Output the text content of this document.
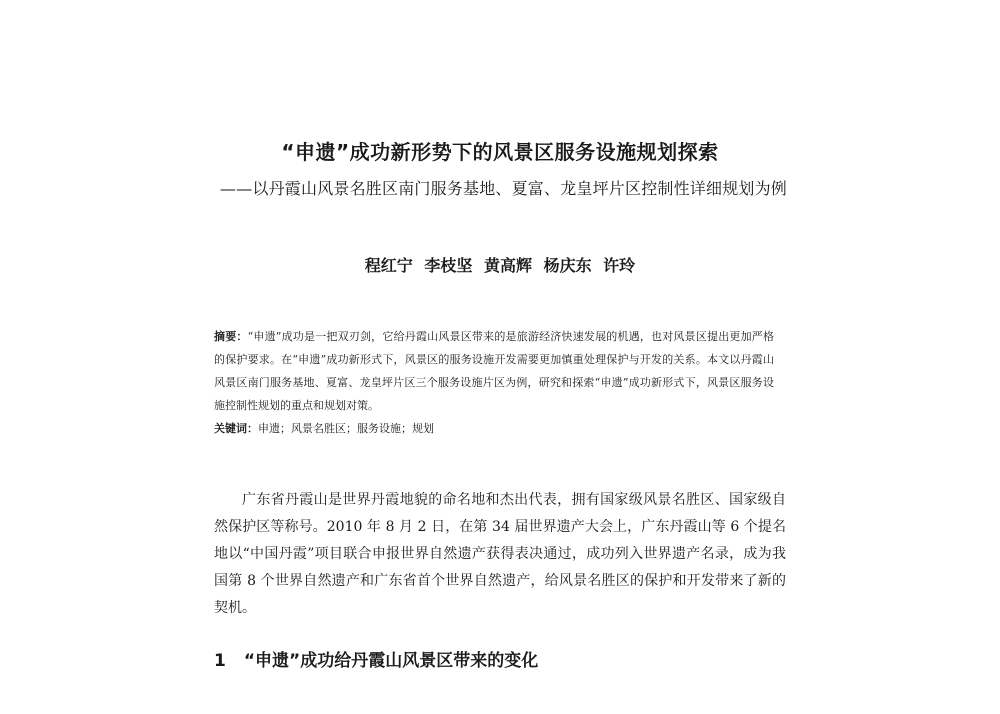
“申遗”成功新形势下的风景区服务设施规划探索
——以丹霞山风景名胜区南门服务基地、夏富、龙皇坪片区控制性详细规划为例
程红宁 李枝坚 黄高辉 杨庆东 许玲
摘要：“申遗”成功是一把双刃剑，它给丹霞山风景区带来的是旅游经济快速发展的机遇，也对风景区提出更加严格的保护要求。在“申遗”成功新形式下，风景区的服务设施开发需要更加慎重处理保护与开发的关系。本文以丹霞山风景区南门服务基地、夏富、龙皇坪片区三个服务设施片区为例，研究和探索“申遗”成功新形式下，风景区服务设施控制性规划的重点和规划对策。
关键词：申遗；风景名胜区；服务设施；规划
广东省丹霞山是世界丹霞地貌的命名地和杰出代表，拥有国家级风景名胜区、国家级自然保护区等称号。2010 年 8 月 2 日，在第 34 届世界遗产大会上，广东丹霞山等 6 个提名地以“中国丹霞”项目联合申报世界自然遗产获得表决通过，成功列入世界遗产名录，成为我国第 8 个世界自然遗产和广东省首个世界自然遗产，给风景名胜区的保护和开发带来了新的契机。
1 “申遗”成功给丹霞山风景区带来的变化
